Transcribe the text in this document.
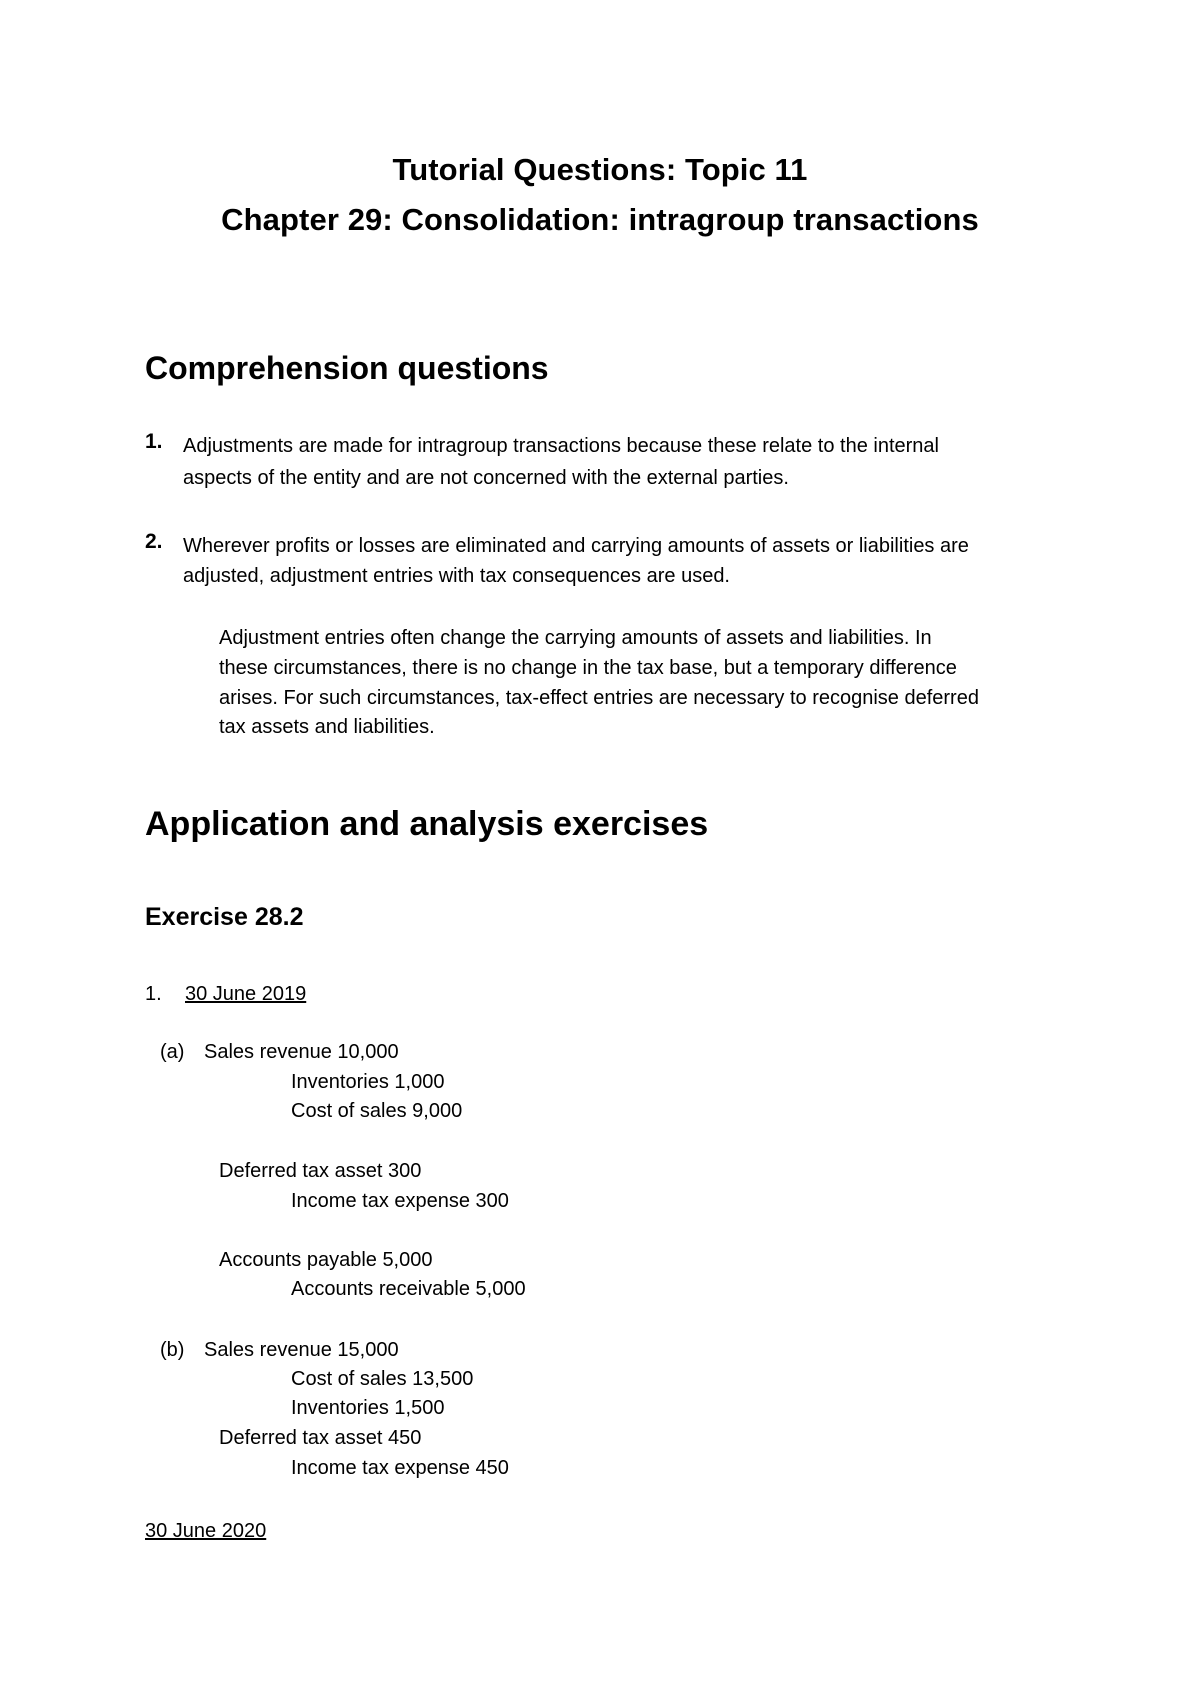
Tutorial Questions: Topic 11
Chapter 29: Consolidation: intragroup transactions
Comprehension questions
1. Adjustments are made for intragroup transactions because these relate to the internal
aspects of the entity and are not concerned with the external parties.
2. Wherever profits or losses are eliminated and carrying amounts of assets or liabilities are
adjusted, adjustment entries with tax consequences are used.
Adjustment entries often change the carrying amounts of assets and liabilities. In
these circumstances, there is no change in the tax base, but a temporary difference
arises. For such circumstances, tax-effect entries are necessary to recognise deferred
tax assets and liabilities.
Application and analysis exercises
Exercise 28.2
1. 30 June 2019
(a) Sales revenue 10,000
Inventories 1,000
Cost of sales 9,000
Deferred tax asset 300
Income tax expense 300
Accounts payable 5,000
Accounts receivable 5,000
(b) Sales revenue 15,000
Cost of sales 13,500
Inventories 1,500
Deferred tax asset 450
Income tax expense 450
30 June 2020
